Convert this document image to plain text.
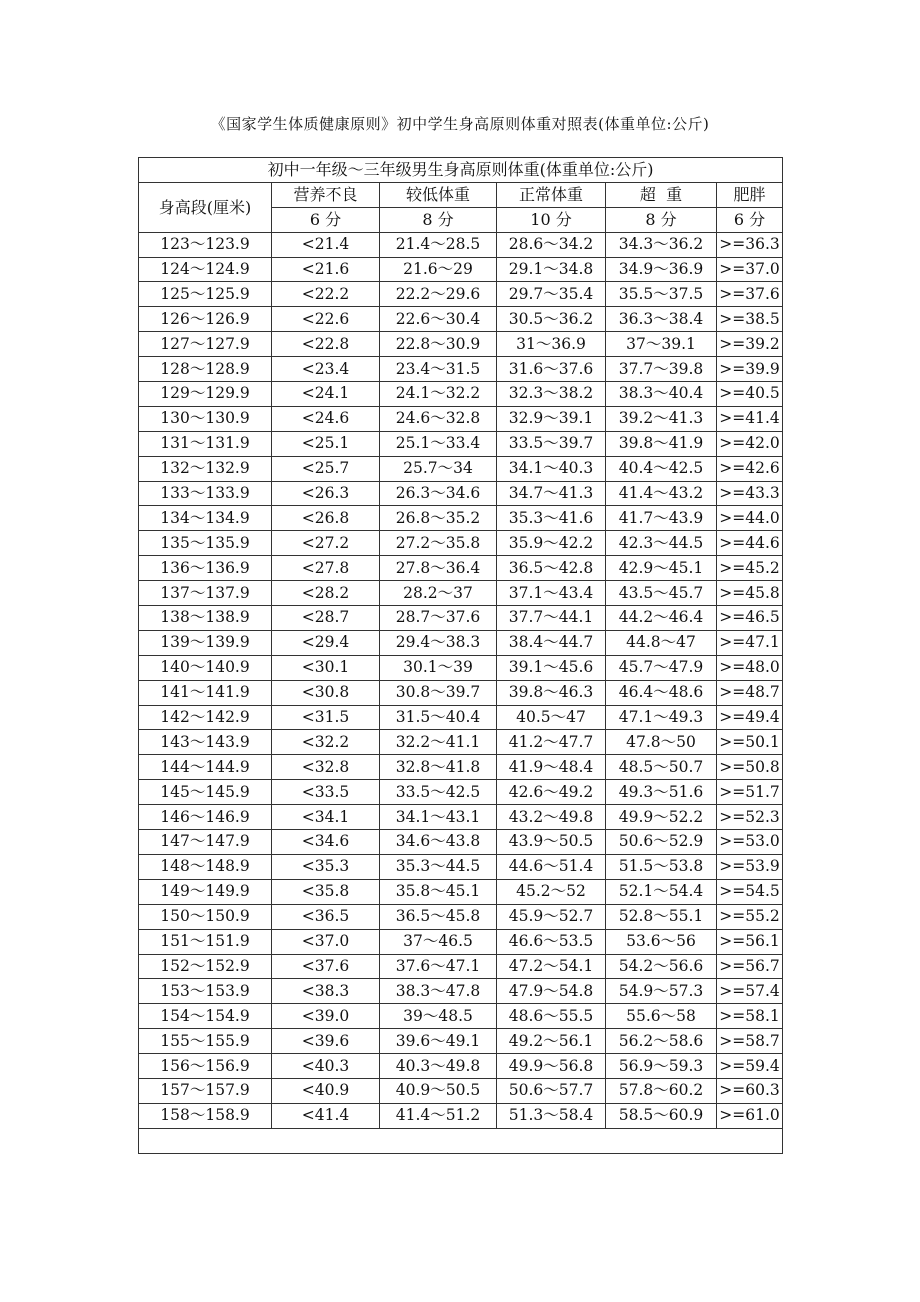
《国家学生体质健康原则》初中学生身高原则体重对照表(体重单位:公斤)
初中一年级～三年级男生身高原则体重(体重单位:公斤)					
身高段(厘米)	营养不良	较低体重	正常体重	超  重	肥胖
	6 分	8 分	10 分	8 分	6 分
123～123.9	<21.4	21.4～28.5	28.6～34.2	34.3～36.2	>=36.3
124～124.9	<21.6	21.6～29	29.1～34.8	34.9～36.9	>=37.0
125～125.9	<22.2	22.2～29.6	29.7～35.4	35.5～37.5	>=37.6
126～126.9	<22.6	22.6～30.4	30.5～36.2	36.3～38.4	>=38.5
127～127.9	<22.8	22.8～30.9	31～36.9	37～39.1	>=39.2
128～128.9	<23.4	23.4～31.5	31.6～37.6	37.7～39.8	>=39.9
129～129.9	<24.1	24.1～32.2	32.3～38.2	38.3～40.4	>=40.5
130～130.9	<24.6	24.6～32.8	32.9～39.1	39.2～41.3	>=41.4
131～131.9	<25.1	25.1～33.4	33.5～39.7	39.8～41.9	>=42.0
132～132.9	<25.7	25.7～34	34.1～40.3	40.4～42.5	>=42.6
133～133.9	<26.3	26.3～34.6	34.7～41.3	41.4～43.2	>=43.3
134～134.9	<26.8	26.8～35.2	35.3～41.6	41.7～43.9	>=44.0
135～135.9	<27.2	27.2～35.8	35.9～42.2	42.3～44.5	>=44.6
136～136.9	<27.8	27.8～36.4	36.5～42.8	42.9～45.1	>=45.2
137～137.9	<28.2	28.2～37	37.1～43.4	43.5～45.7	>=45.8
138～138.9	<28.7	28.7～37.6	37.7～44.1	44.2～46.4	>=46.5
139～139.9	<29.4	29.4～38.3	38.4～44.7	44.8～47	>=47.1
140～140.9	<30.1	30.1～39	39.1～45.6	45.7～47.9	>=48.0
141～141.9	<30.8	30.8～39.7	39.8～46.3	46.4～48.6	>=48.7
142～142.9	<31.5	31.5～40.4	40.5～47	47.1～49.3	>=49.4
143～143.9	<32.2	32.2～41.1	41.2～47.7	47.8～50	>=50.1
144～144.9	<32.8	32.8～41.8	41.9～48.4	48.5～50.7	>=50.8
145～145.9	<33.5	33.5～42.5	42.6～49.2	49.3～51.6	>=51.7
146～146.9	<34.1	34.1～43.1	43.2～49.8	49.9～52.2	>=52.3
147～147.9	<34.6	34.6～43.8	43.9～50.5	50.6～52.9	>=53.0
148～148.9	<35.3	35.3～44.5	44.6～51.4	51.5～53.8	>=53.9
149～149.9	<35.8	35.8～45.1	45.2～52	52.1～54.4	>=54.5
150～150.9	<36.5	36.5～45.8	45.9～52.7	52.8～55.1	>=55.2
151～151.9	<37.0	37～46.5	46.6～53.5	53.6～56	>=56.1
152～152.9	<37.6	37.6～47.1	47.2～54.1	54.2～56.6	>=56.7
153～153.9	<38.3	38.3～47.8	47.9～54.8	54.9～57.3	>=57.4
154～154.9	<39.0	39～48.5	48.6～55.5	55.6～58	>=58.1
155～155.9	<39.6	39.6～49.1	49.2～56.1	56.2～58.6	>=58.7
156～156.9	<40.3	40.3～49.8	49.9～56.8	56.9～59.3	>=59.4
157～157.9	<40.9	40.9～50.5	50.6～57.7	57.8～60.2	>=60.3
158～158.9	<41.4	41.4～51.2	51.3～58.4	58.5～60.9	>=61.0
